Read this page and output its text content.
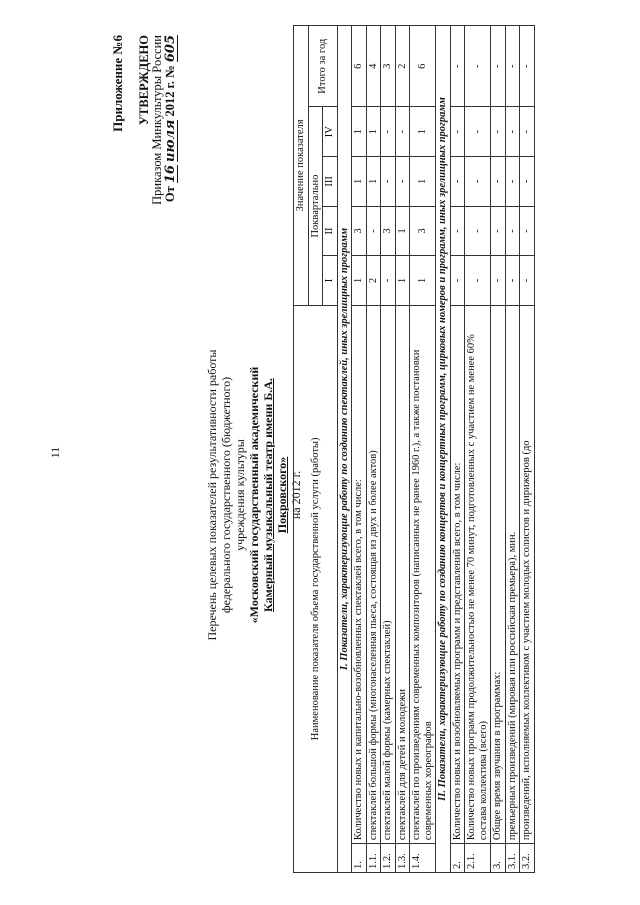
11
Приложение №6 УТВЕРЖДЕНО Приказом Минкультуры России От 16 июля 2012 г. № 605
Перечень целевых показателей результативности работы федерального государственного (бюджетного) учреждения культуры «Московский государственный академический Камерный музыкальный театр имени Б.А. Покровского» на 2012 г. Наименование показателя объема государственной услуги (работы)		Значение показателя				
		Поквартально				Итого за год
		I	II	III	IV	
I. Показатели, характеризующие работу по созданию спектаклей, иных зрелищных программ						
1.	Количество новых и капитально-возобновленных спектаклей всего, в том числе:	1	3	1	1	6
1.1.	спектаклей большой формы (многонаселенная пьеса, состоящая из двух и более актов)	2	-	1	1	4
1.2.	спектаклей малой формы (камерных спектаклей)	-	3	-	-	3
1.3.	спектаклей для детей и молодежи	1	1	-	-	2
1.4.	спектаклей по произведениям современных композиторов (написанных не ранее 1960 г.), а также постановки современных хореографов	1	3	1	1	6
II. Показатели, характеризующие работу по созданию концертов и концертных программ, цирковых номеров и программ, иных зрелищных программ						
2.	Количество новых и возобновляемых программ и представлений всего, в том числе:	-	-	-	-	-
2.1.	Количество новых программ продолжительностью не менее 70 минут, подготовленных с участием не менее 60% состава коллектива (всего)	-	-	-	-	-
3.	Общее время звучания в программах:	-	-	-	-	-
3.1.	премьерных произведений (мировая или российская премьера), мин.	-	-	-	-	-
3.2.	произведений, исполняемых коллективом с участием молодых солистов и дирижеров (до	-	-	-	-	-
